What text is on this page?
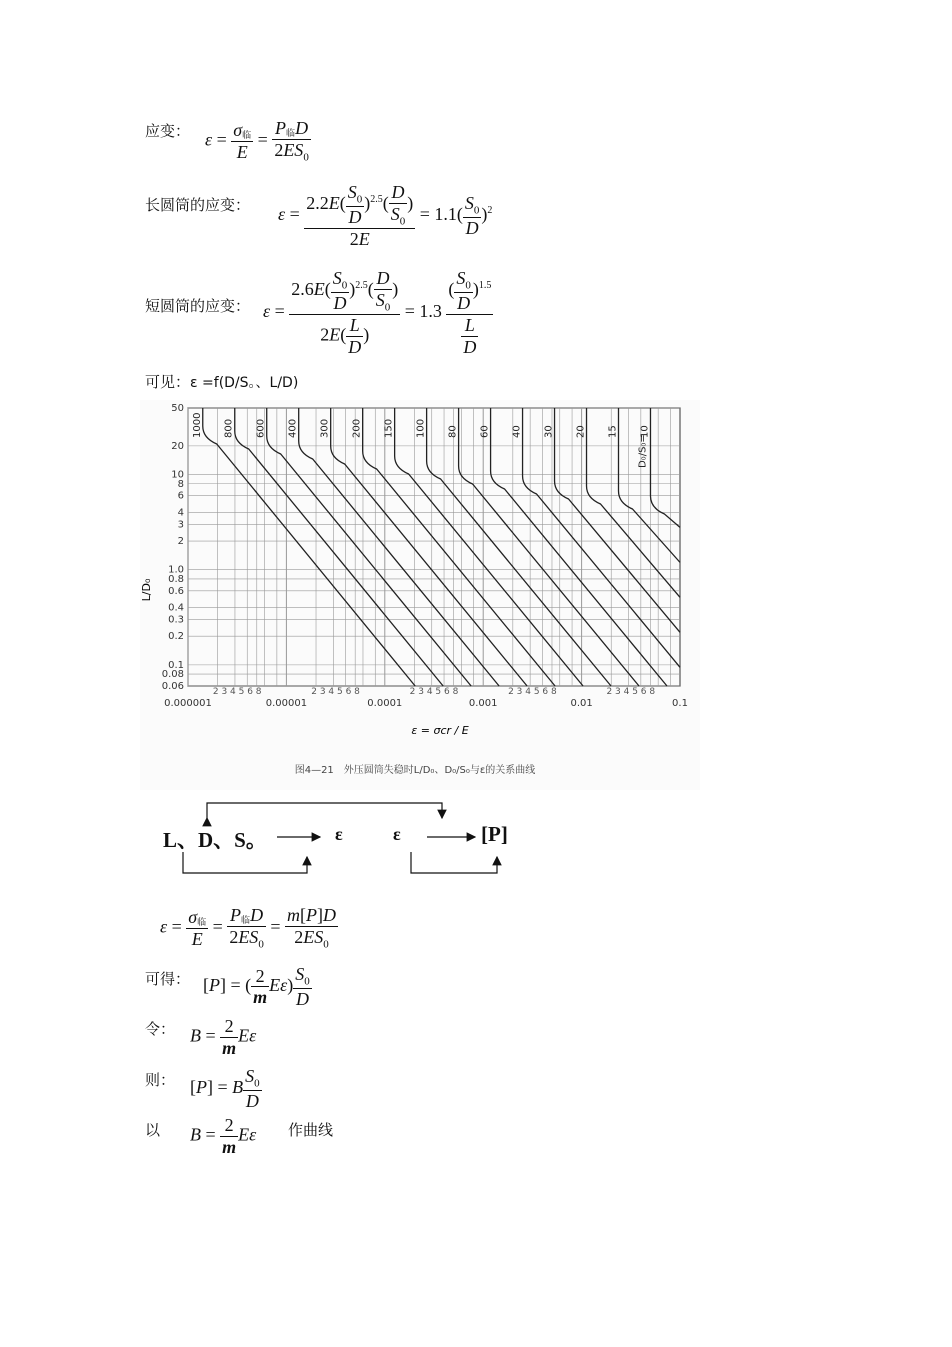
应变： $\varepsilon = \frac{\text{σ临}}{E} = \frac{\text{P临D}}{2ES_0}$
长圆筒的应变： $\varepsilon = \frac{2.2E( \frac{S_0}{D} )^{2.5}( \frac{D}{S_0} )}{2E} = 1.1( \frac{S_0}{D} )^2$
短圆筒的应变： $\varepsilon = \frac{2.6E( \frac{S_0}{D} )^{2.5}( \frac{D}{S_0} )}{2E( \frac{L}{D} )} = 1.3 \frac{( \frac{S_0}{D} )^{1.5}}{\frac{L}{D}}$
可见：ε =f(D/S。、L/D)
1000 800 600 400 300 200 150 100 80 60 40 30 20 15 10
D₀/S₀=
50
20
10
8
6
4
3
2
1.0
0.8
0.6
0.4
0.3
0.2
0.1
0.08
0.06
0.000001
2 3 4 5 6 8
0.00001
2 3 4 5 6 8
0.0001
2 3 4 5 6 8
0.001
2 3 4 5 6 8
0.01
2 3 4 5 6 8
0.1
L/D₀
ε = σcr / E
图4—21　外压圆筒失稳时L/D₀、D₀/S₀与ε的关系曲线
L、D、S。	ε	ε	[P]
$\varepsilon = \frac{\text{σ临}}{E} = \frac{\text{P临D}}{2ES_0} = \frac{m[P]D}{2ES_0}$
可得： [P] = ( $\frac{2}{m} E\varepsilon) \frac{S_0}{D}$
令： $B = \frac{2}{m}$ Eε
则： [P] = B $\frac{S_0}{D}$
以 $B = \frac{2}{m}$ Eε 作曲线
